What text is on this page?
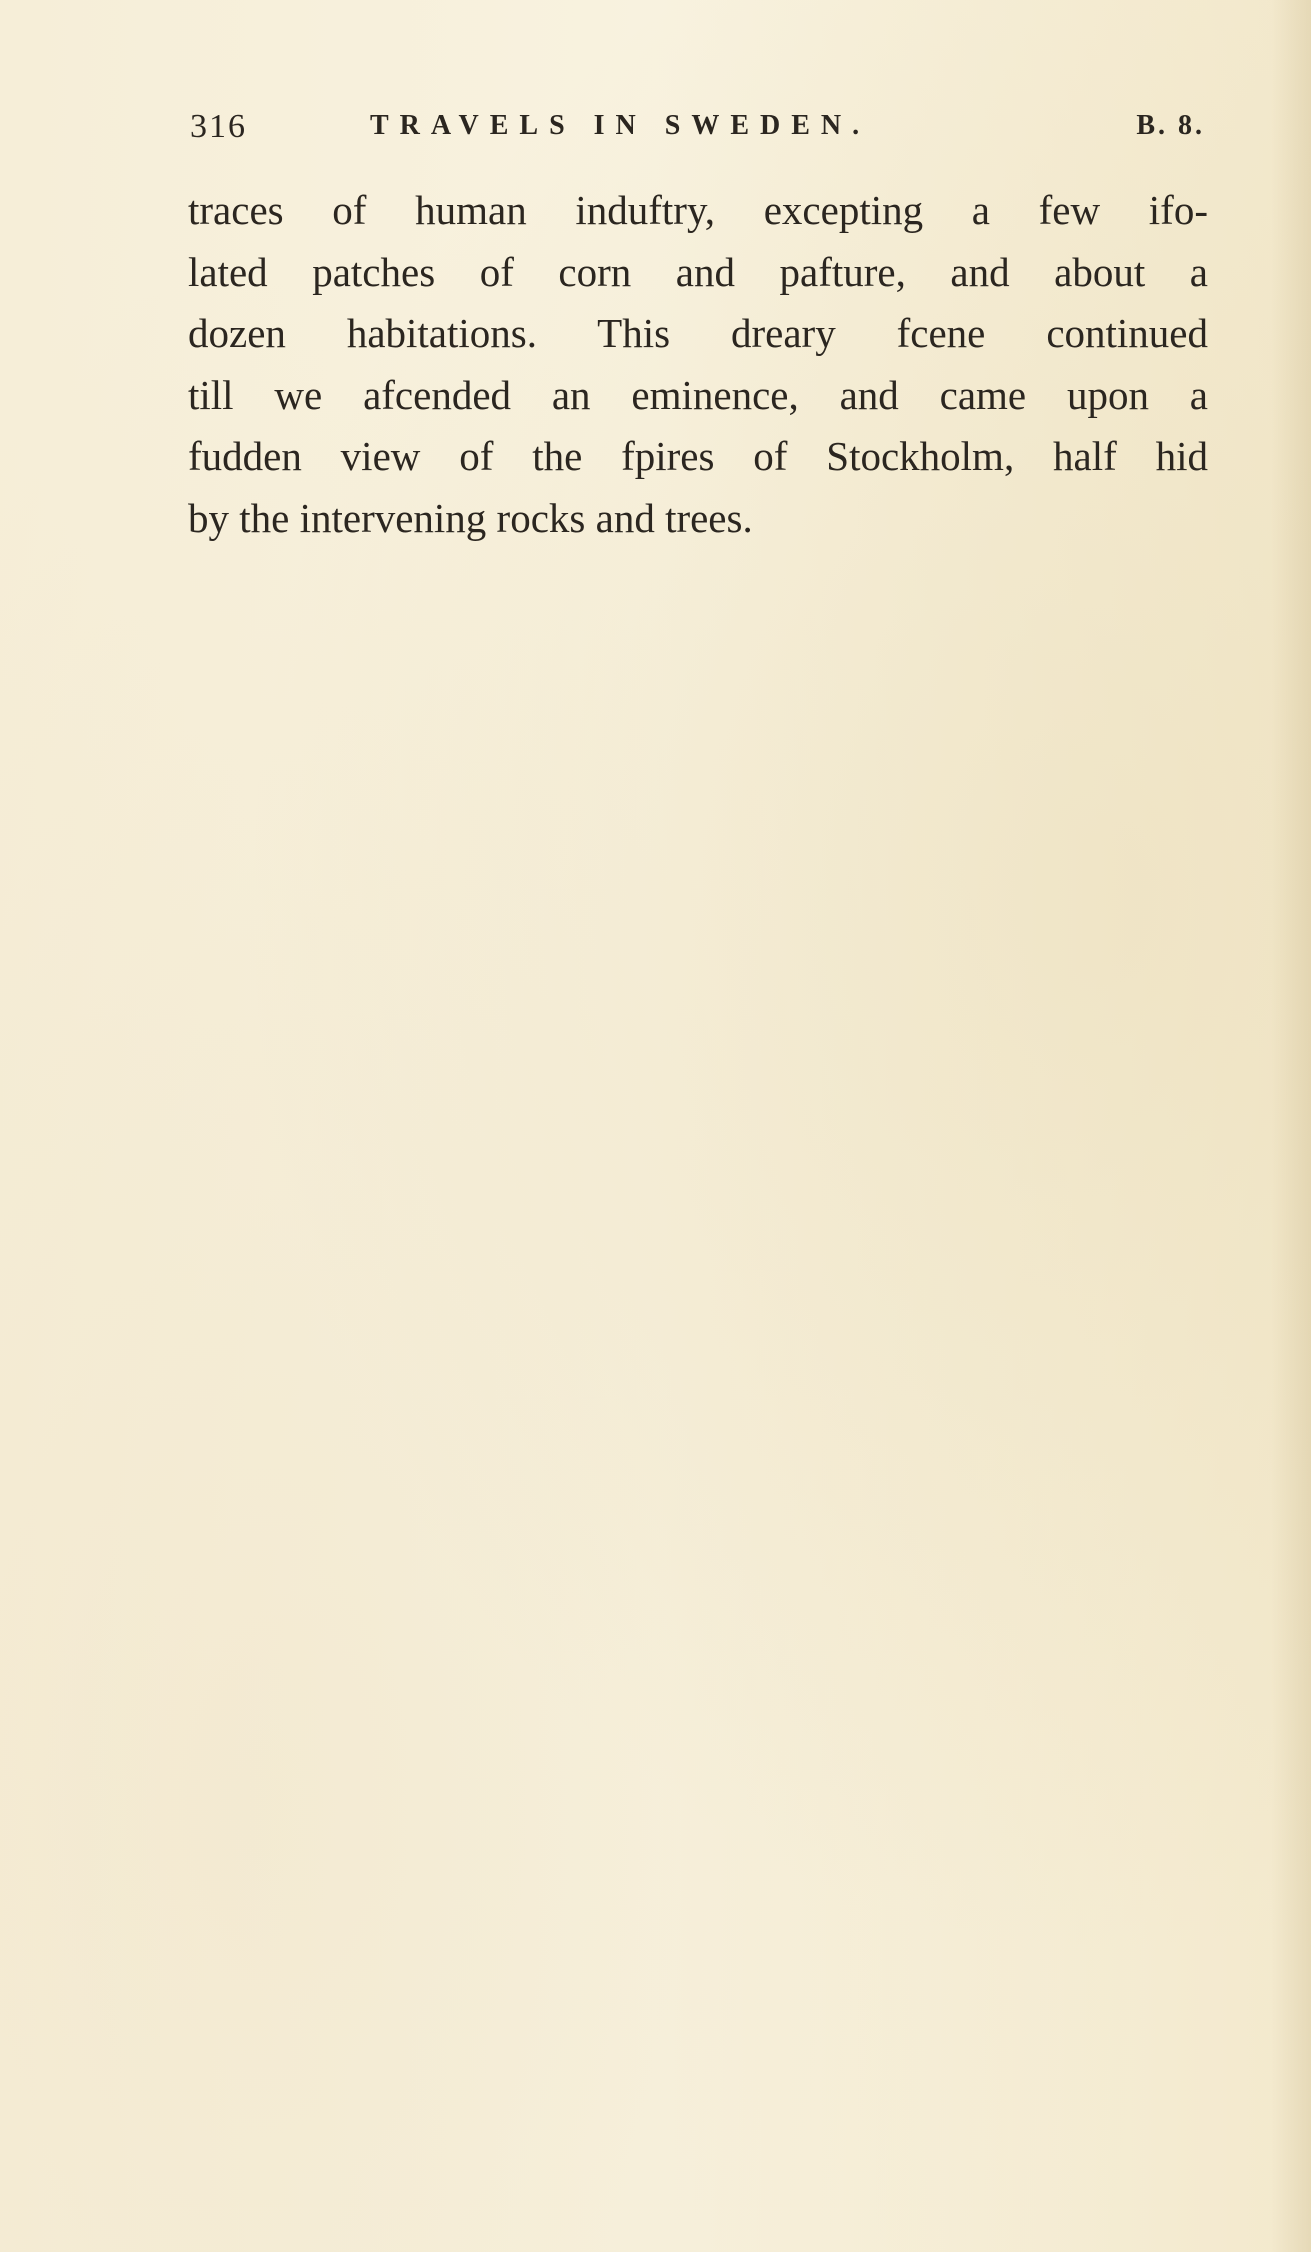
316	TRAVELS IN SWEDEN.	B. 8.
traces of human induftry, excepting a few ifo-
lated patches of corn and pafture, and about a
dozen habitations. This dreary fcene continued
till we afcended an eminence, and came upon a
fudden view of the fpires of Stockholm, half hid
by the intervening rocks and trees.
